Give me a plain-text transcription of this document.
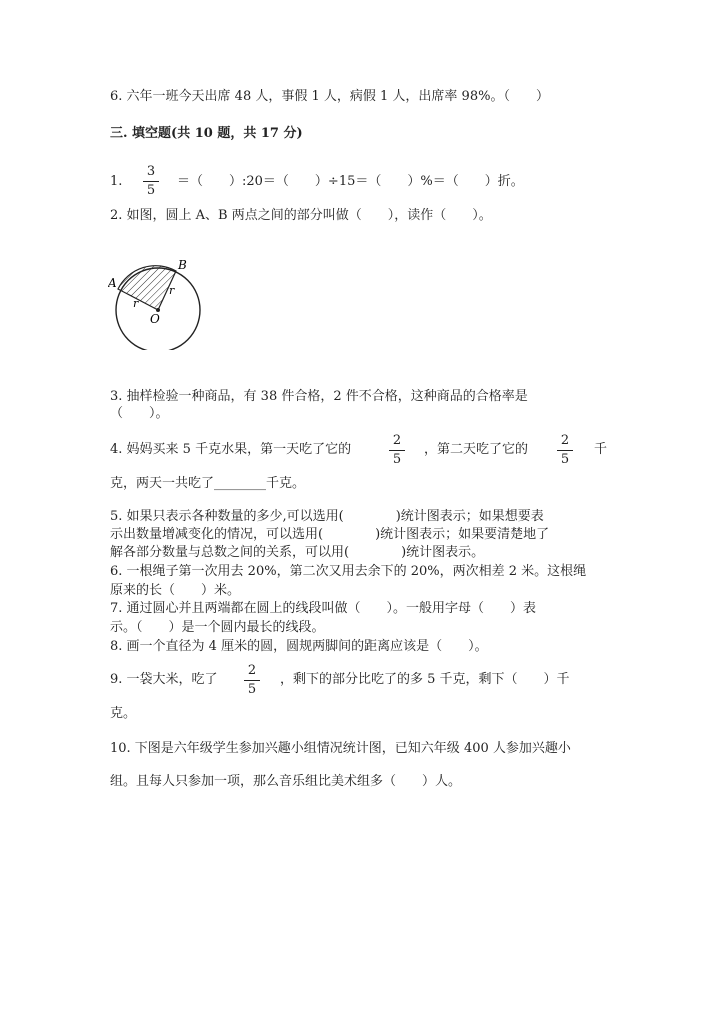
6. 六年一班今天出席 48 人，事假 1 人，病假 1 人，出席率 98%。（　　）
三. 填空题(共 10 题，共 17 分)
1.
3
5
＝（　　）:20＝（　　）÷15＝（　　）%＝（　　）折。
2. 如图，圆上 A、B 两点之间的部分叫做（　　），读作（　　）。
A
B
O
r
r
3. 抽样检验一种商品，有 38 件合格，2 件不合格，这种商品的合格率是
（　　）。
4. 妈妈买来 5 千克水果，第一天吃了它的
2
5
，第二天吃了它的
2
5
千
克，两天一共吃了________千克。
5. 如果只表示各种数量的多少,可以选用(　　　　)统计图表示；如果想要表
示出数量增减变化的情况，可以选用(　　　　)统计图表示；如果要清楚地了
解各部分数量与总数之间的关系，可以用(　　　　)统计图表示。
6. 一根绳子第一次用去 20%，第二次又用去余下的 20%，两次相差 2 米。这根绳
原来的长（　　）米。
7. 通过圆心并且两端都在圆上的线段叫做（　　）。一般用字母（　　）表
示。（　　）是一个圆内最长的线段。
8. 画一个直径为 4 厘米的圆，圆规两脚间的距离应该是（　　）。
9. 一袋大米，吃了
2
5
，剩下的部分比吃了的多 5 千克，剩下（　　）千
克。
10. 下图是六年级学生参加兴趣小组情况统计图，已知六年级 400 人参加兴趣小
组。且每人只参加一项，那么音乐组比美术组多（　　）人。
